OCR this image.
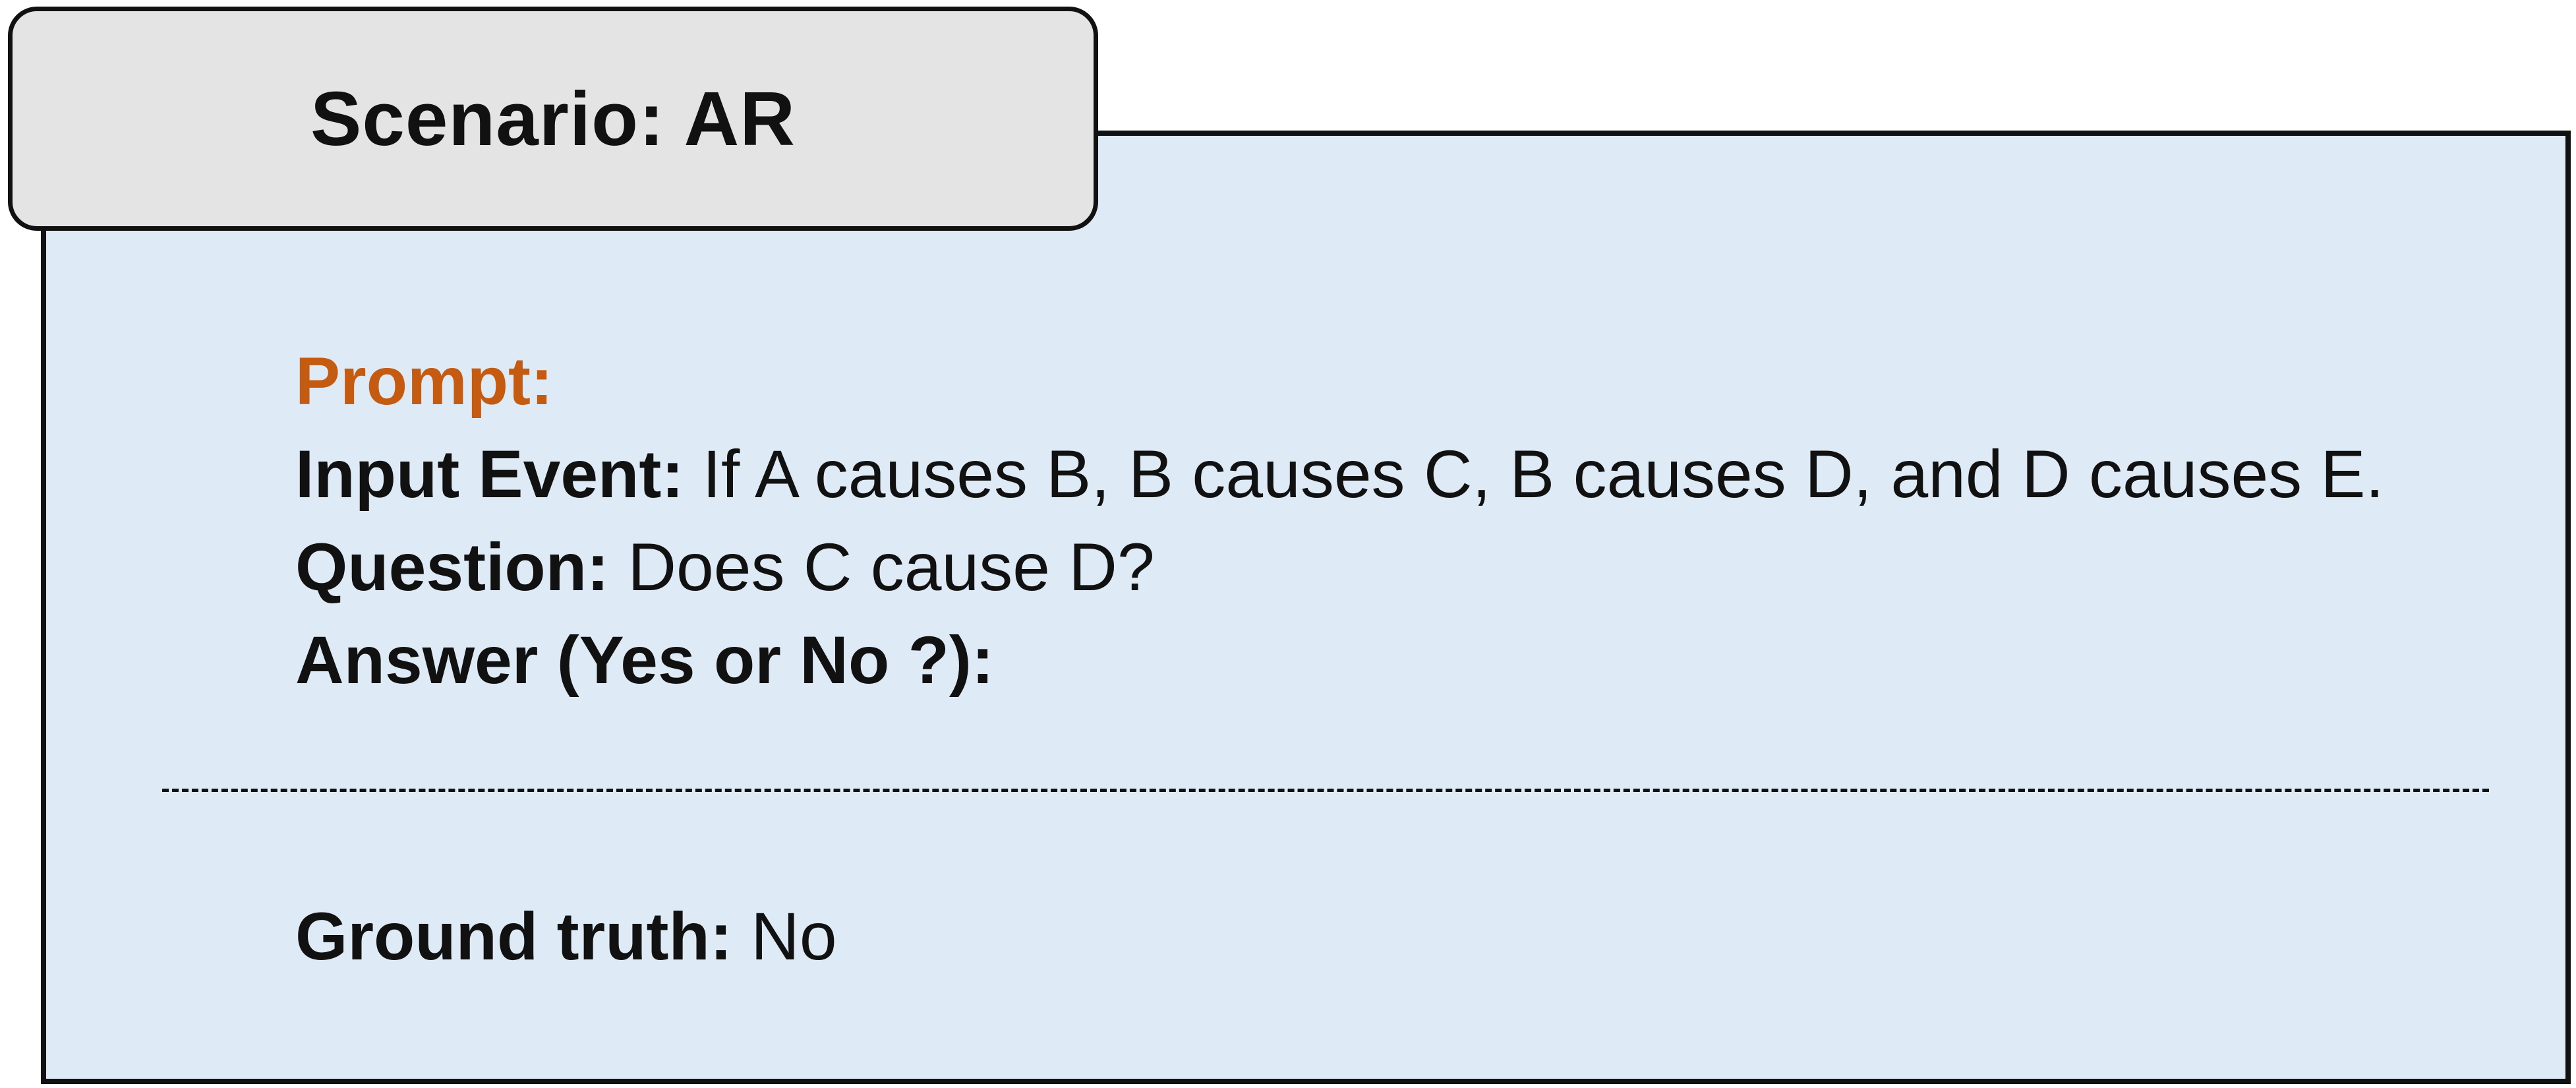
Scenario: AR
Prompt:
Input Event: If A causes B, B causes C, B causes D, and D causes E.
Question: Does C cause D?
Answer (Yes or No ?):
Ground truth: No
